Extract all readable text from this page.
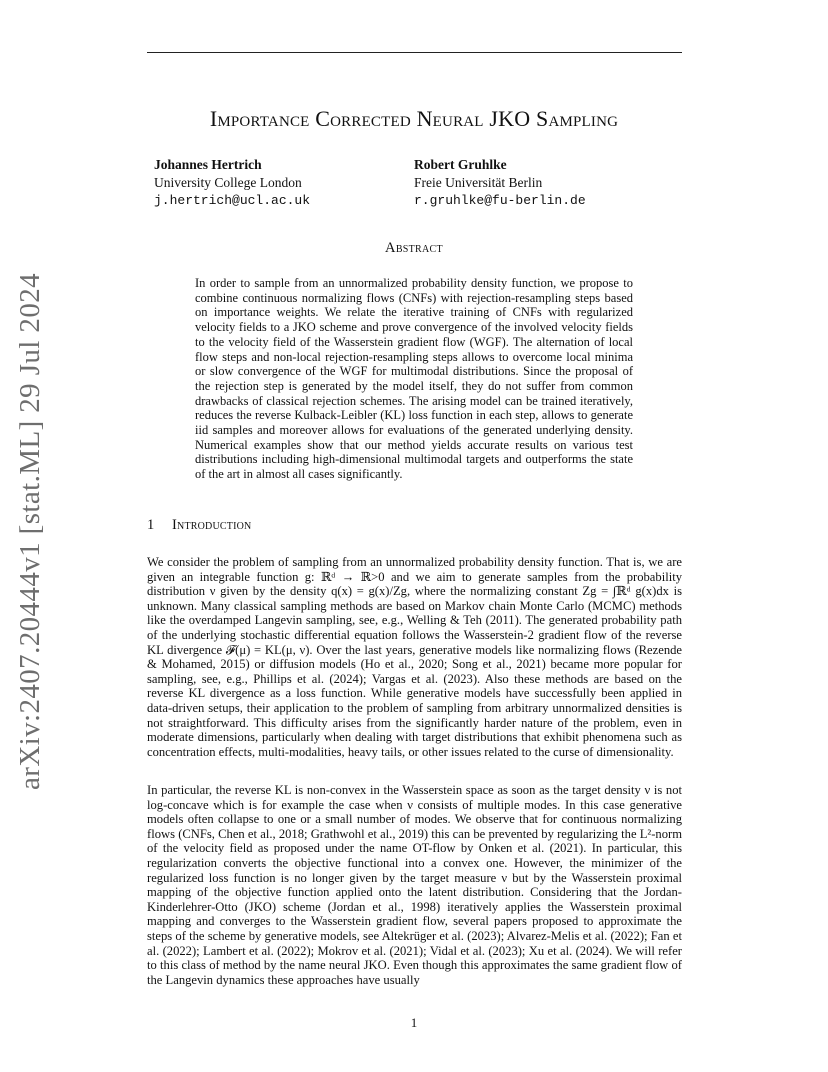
arXiv:2407.20444v1 [stat.ML] 29 Jul 2024
Importance Corrected Neural JKO Sampling
Johannes Hertrich
University College London
j.hertrich@ucl.ac.uk
Robert Gruhlke
Freie Universität Berlin
r.gruhlke@fu-berlin.de
Abstract
In order to sample from an unnormalized probability density function, we propose to combine continuous normalizing flows (CNFs) with rejection-resampling steps based on importance weights. We relate the iterative training of CNFs with regularized velocity fields to a JKO scheme and prove convergence of the involved velocity fields to the velocity field of the Wasserstein gradient flow (WGF). The alternation of local flow steps and non-local rejection-resampling steps allows to overcome local minima or slow convergence of the WGF for multimodal distributions. Since the proposal of the rejection step is generated by the model itself, they do not suffer from common drawbacks of classical rejection schemes. The arising model can be trained iteratively, reduces the reverse Kulback-Leibler (KL) loss function in each step, allows to generate iid samples and moreover allows for evaluations of the generated underlying density. Numerical examples show that our method yields accurate results on various test distributions including high-dimensional multimodal targets and outperforms the state of the art in almost all cases significantly.
1 Introduction
We consider the problem of sampling from an unnormalized probability density function. That is, we are given an integrable function g: ℝᵈ → ℝ>0 and we aim to generate samples from the probability distribution ν given by the density q(x) = g(x)/Zg, where the normalizing constant Zg = ∫ℝᵈ g(x)dx is unknown. Many classical sampling methods are based on Markov chain Monte Carlo (MCMC) methods like the overdamped Langevin sampling, see, e.g., Welling & Teh (2011). The generated probability path of the underlying stochastic differential equation follows the Wasserstein-2 gradient flow of the reverse KL divergence 𝓕(μ) = KL(μ, ν). Over the last years, generative models like normalizing flows (Rezende & Mohamed, 2015) or diffusion models (Ho et al., 2020; Song et al., 2021) became more popular for sampling, see, e.g., Phillips et al. (2024); Vargas et al. (2023). Also these methods are based on the reverse KL divergence as a loss function. While generative models have successfully been applied in data-driven setups, their application to the problem of sampling from arbitrary unnormalized densities is not straightforward. This difficulty arises from the significantly harder nature of the problem, even in moderate dimensions, particularly when dealing with target distributions that exhibit phenomena such as concentration effects, multi-modalities, heavy tails, or other issues related to the curse of dimensionality.
In particular, the reverse KL is non-convex in the Wasserstein space as soon as the target density ν is not log-concave which is for example the case when ν consists of multiple modes. In this case generative models often collapse to one or a small number of modes. We observe that for continuous normalizing flows (CNFs, Chen et al., 2018; Grathwohl et al., 2019) this can be prevented by regularizing the L²-norm of the velocity field as proposed under the name OT-flow by Onken et al. (2021). In particular, this regularization converts the objective functional into a convex one. However, the minimizer of the regularized loss function is no longer given by the target measure ν but by the Wasserstein proximal mapping of the objective function applied onto the latent distribution. Considering that the Jordan-Kinderlehrer-Otto (JKO) scheme (Jordan et al., 1998) iteratively applies the Wasserstein proximal mapping and converges to the Wasserstein gradient flow, several papers proposed to approximate the steps of the scheme by generative models, see Altekrüger et al. (2023); Alvarez-Melis et al. (2022); Fan et al. (2022); Lambert et al. (2022); Mokrov et al. (2021); Vidal et al. (2023); Xu et al. (2024). We will refer to this class of method by the name neural JKO. Even though this approximates the same gradient flow of the Langevin dynamics these approaches have usually
1
